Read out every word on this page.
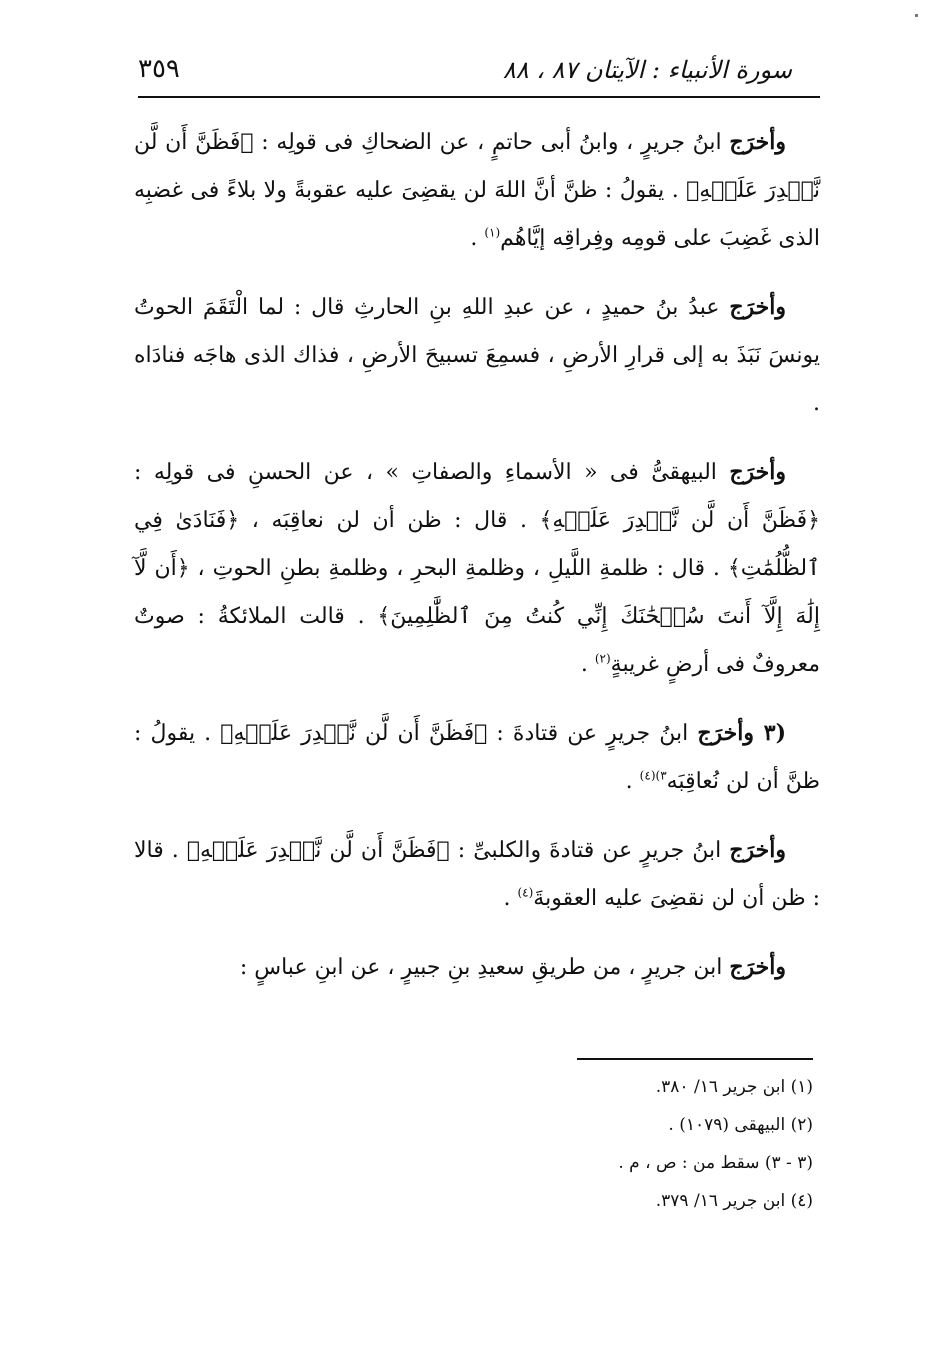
٣٥٩	سورة الأنبياء : الآيتان ٨٧ ، ٨٨

وأخرَج ابنُ جريرٍ ، وابنُ أبى حاتمٍ ، عن الضحاكِ فى قولِه : ﴿فَظَنَّ أَن لَّن نَّقۡدِرَ عَلَيۡهِ﴾ . يقولُ : ظنَّ أنَّ اللهَ لن يقضِىَ عليه عقوبةً ولا بلاءً فى غضبِه الذى غَضِبَ على قومِه وفِراقِه إيَّاهُم$^{(١)}$ .

وأخرَج عبدُ بنُ حميدٍ ، عن عبدِ اللهِ بنِ الحارثِ قال : لما الْتَقَمَ الحوتُ يونسَ نَبَذَ به إلى قرارِ الأرضِ ، فسمِعَ تسبيحَ الأرضِ ، فذاك الذى هاجَه فنادَاه .

وأخرَج البيهقىُّ فى « الأسماءِ والصفاتِ » ، عن الحسنِ فى قولِه : ﴿فَظَنَّ أَن لَّن نَّقۡدِرَ عَلَيۡهِ﴾ . قال : ظن أن لن نعاقِبَه ، ﴿فَنَادَىٰ فِي ٱلظُّلُمَٰتِ﴾ . قال : ظلمةِ اللَّيلِ ، وظلمةِ البحرِ ، وظلمةِ بطنِ الحوتِ ، ﴿أَن لَّآ إِلَٰهَ إِلَّآ أَنتَ سُبۡحَٰنَكَ إِنِّي كُنتُ مِنَ ٱلظَّٰلِمِينَ﴾ . قالت الملائكةُ : صوتٌ معروفٌ فى أرضٍ غريبةٍ$^{(٢)}$ .

(٣ وأخرَج ابنُ جريرٍ عن قتادةَ : ﴿فَظَنَّ أَن لَّن نَّقۡدِرَ عَلَيۡهِ﴾ . يقولُ : ظنَّ أن لن نُعاقِبَه$^{٣)(٤)}$ .

وأخرَج ابنُ جريرٍ عن قتادةَ والكلبىِّ : ﴿فَظَنَّ أَن لَّن نَّقۡدِرَ عَلَيۡهِ﴾ . قالا : ظن أن لن نقضِىَ عليه العقوبةَ$^{(٤)}$ .

وأخرَج ابن جريرٍ ، من طريقِ سعيدِ بنِ جبيرٍ ، عن ابنِ عباسٍ :

(١) ابن جرير ١٦/ ٣٨٠.
(٢) البيهقى (١٠٧٩) .
(٣ - ٣) سقط من : ص ، م .
(٤) ابن جرير ١٦/ ٣٧٩.
